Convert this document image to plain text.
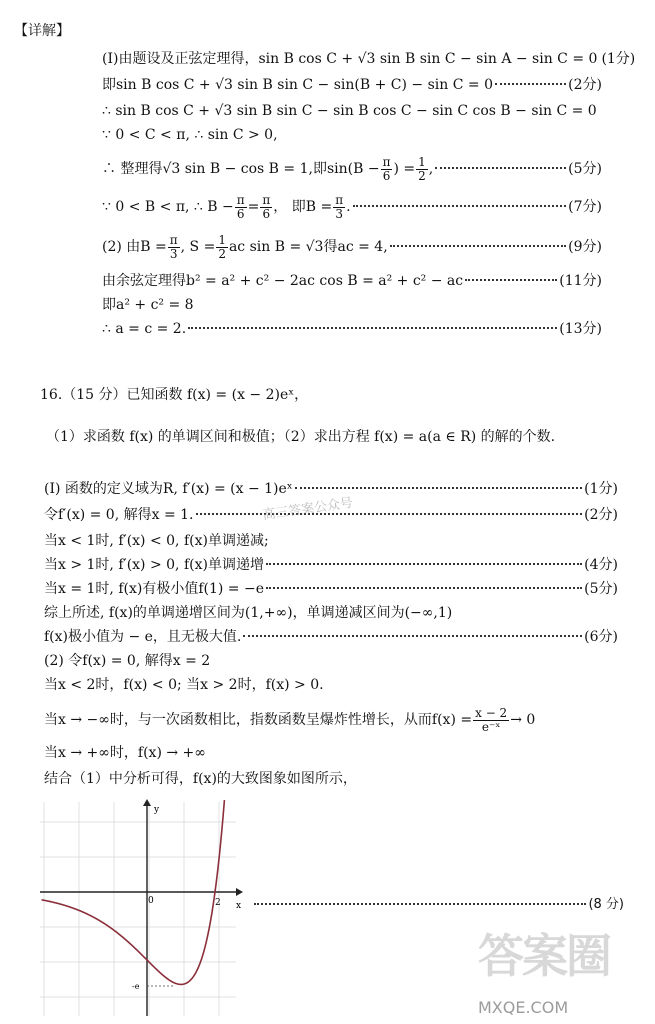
【详解】
(I)由题设及正弦定理得，sin B cos C + √3 sin B sin C − sin A − sin C = 0 (1分)
即sin B cos C + √3 sin B sin C − sin(B + C) − sin C = 0	(2分)
∴ sin B cos C + √3 sin B sin C − sin B cos C − sin C cos B − sin C = 0
∵ 0 < C < π, ∴ sin C > 0,
∴ 整理得√3 sin B − cos B = 1,即$\sin(B - \frac{\pi}{6}$ ) = $\frac{1}{2}$ ,	(5分)
∵ 0 < B < π, ∴ $B - \frac{\pi}{6} = \frac{\pi}{6}$ ， 即$B = \frac{\pi}{3}$ .	(7分)
(2) 由$B = \frac{\pi}{3}$ , $S = \frac{1}{2}$ ac sin B = √3得ac = 4,	(9分)
由余弦定理得b² = a² + c² − 2ac cos B = a² + c² − ac	(11分)
即a² + c² = 8
∴ a = c = 2.	(13分)
16.（15 分）已知函数 f(x) = (x − 2)eˣ，
（1）求函数 f(x) 的单调区间和极值；（2）求出方程 f(x) = a(a ∈ R) 的解的个数.
(I) 函数的定义域为R, f′(x) = (x − 1)eˣ	(1分)
令f′(x) = 0, 解得x = 1.	(2分)
当x < 1时, f′(x) < 0, f(x)单调递减;
当x > 1时, f′(x) > 0, f(x)单调递增	(4分)
当x = 1时, f(x)有极小值f(1) = −e	(5分)
综上所述, f(x)的单调递增区间为(1,+∞)，单调递减区间为(−∞,1)
f(x)极小值为 − e，且无极大值.	(6分)
(2) 令f(x) = 0, 解得x = 2
当x < 2时，f(x) < 0; 当x > 2时，f(x) > 0.
当x → −∞时，与一次函数相比，指数函数呈爆炸性增长，从而$f(x) = \frac{x - 2}{\text{e⁻ˣ}} \to 0$
当x → +∞时，f(x) → +∞
结合（1）中分析可得，f(x)的大致图象如图所示，
y
x
0	2
-e
(8 分)
高三答案公众号
答案圈
MXQE.COM
